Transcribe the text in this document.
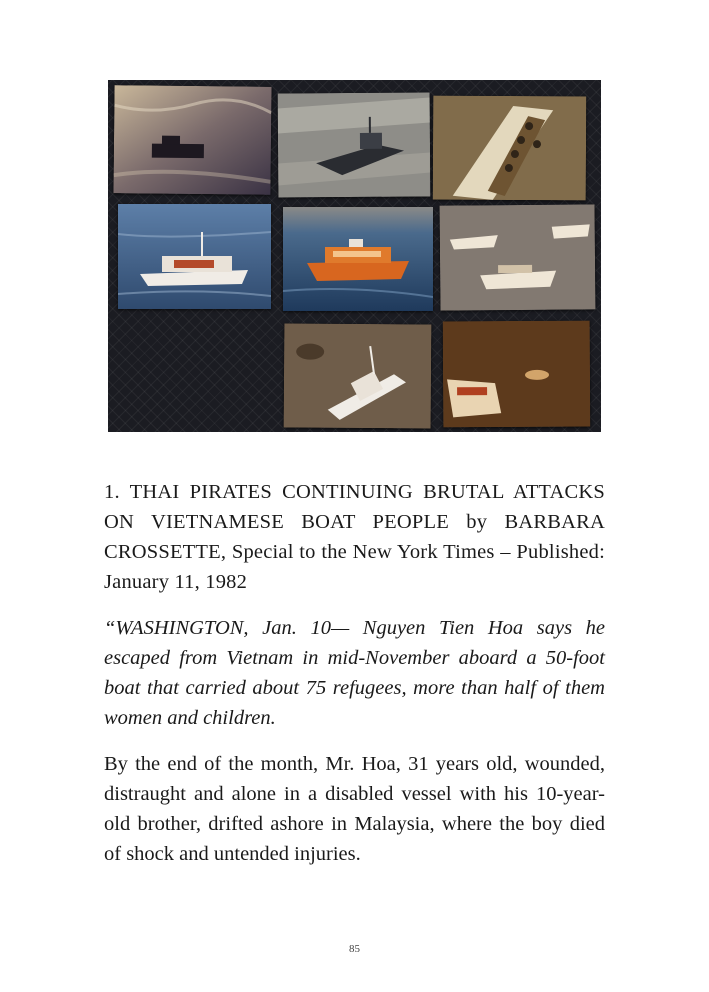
1. THAI PIRATES CONTINUING BRUTAL ATTACKS ON VIETNAMESE BOAT PEOPLE by BARBARA CROSSETTE, Special to the New York Times – Published: January 11, 1982

“WASHINGTON, Jan. 10— Nguyen Tien Hoa says he escaped from Vietnam in mid-November aboard a 50-foot boat that carried about 75 refugees, more than half of them women and children.

By the end of the month, Mr. Hoa, 31 years old, wounded, distraught and alone in a disabled vessel with his 10-year-old brother, drifted ashore in Malaysia, where the boy died of shock and untended injuries.

85
